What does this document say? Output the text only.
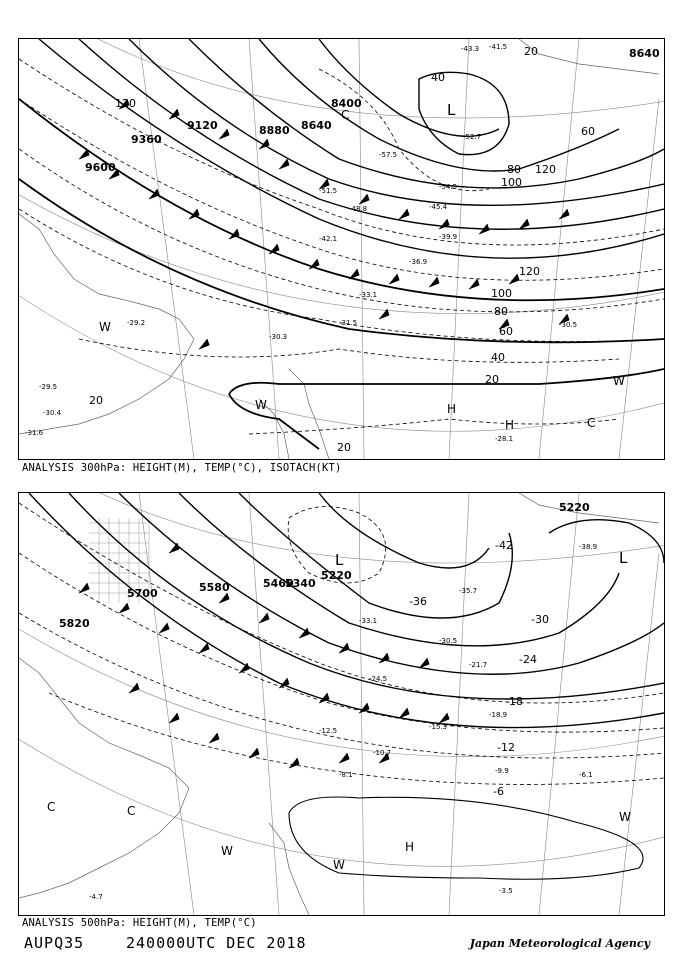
9600
9360
9120	8880 8640
8400
8640
120
120
100
100
80
60
40
20
20
20
40
20
60
80 120
-29.2
-28.1
-30.3
-31.5
-33.1
-36.9
-39.9
-42.1
-45.4
-48.8
-51.5	-54.5
-57.5
-52.7
-41.5
-43.3
-30.5
-29.5
-30.4
-31.6
L
H
H	C
C
W
W
W
ANALYSIS 300hPa: HEIGHT(M), TEMP(°C), ISOTACH(KT)
5820
5700	5580	5460
5340
5220
5220
-30
-24
-18
-12
-6
-36
-42
-9.9
-12.5	-15.3
-18.9
-21.7
-24.5
-30.5
-33.1
-35.7
-38.9
-3.5
-8.1
-10.7
-6.1
-4.7
L
H
L
C	C
W
W
W
ANALYSIS 500hPa: HEIGHT(M), TEMP(°C)
AUPQ35	240000UTC DEC 2018	Japan Meteorological Agency
